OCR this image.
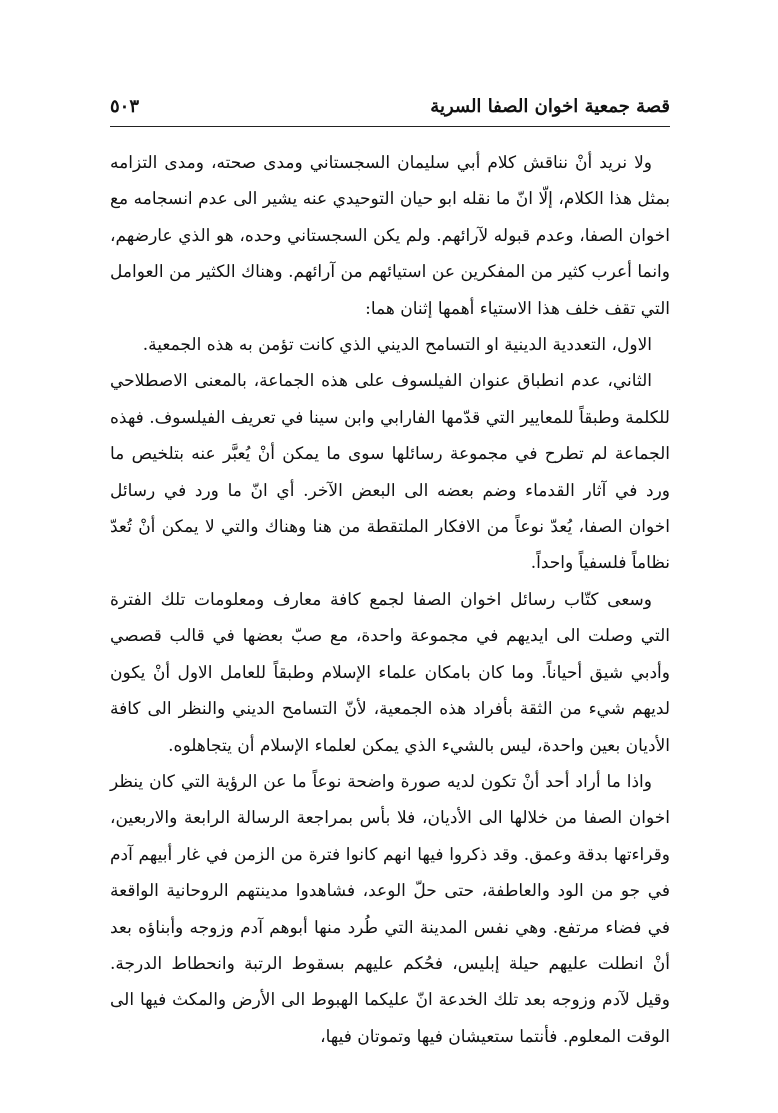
قصة جمعية اخوان الصفا السرية
٥٠٣

ولا نريد أنْ نناقش كلام أبي سليمان السجستاني ومدى صحته، ومدى التزامه بمثل هذا الكلام، إلّا انّ ما نقله ابو حيان التوحيدي عنه يشير الى عدم انسجامه مع اخوان الصفا، وعدم قبوله لآرائهم. ولم يكن السجستاني وحده، هو الذي عارضهم، وانما أعرب كثير من المفكرين عن استيائهم من آرائهم. وهناك الكثير من العوامل التي تقف خلف هذا الاستياء أهمها إثنان هما:

الاول، التعددية الدينية او التسامح الديني الذي كانت تؤمن به هذه الجمعية.

الثاني، عدم انطباق عنوان الفيلسوف على هذه الجماعة، بالمعنى الاصطلاحي للكلمة وطبقاً للمعايير التي قدّمها الفارابي وابن سينا في تعريف الفيلسوف. فهذه الجماعة لم تطرح في مجموعة رسائلها سوى ما يمكن أنْ يُعبَّر عنه بتلخيص ما ورد في آثار القدماء وضم بعضه الى البعض الآخر. أي انّ ما ورد في رسائل اخوان الصفا، يُعدّ نوعاً من الافكار الملتقطة من هنا وهناك والتي لا يمكن أنْ تُعدّ نظاماً فلسفياً واحداً.

وسعى كتّاب رسائل اخوان الصفا لجمع كافة معارف ومعلومات تلك الفترة التي وصلت الى ايديهم في مجموعة واحدة، مع صبّ بعضها في قالب قصصي وأدبي شيق أحياناً. وما كان بامكان علماء الإسلام وطبقاً للعامل الاول أنْ يكون لديهم شيء من الثقة بأفراد هذه الجمعية، لأنّ التسامح الديني والنظر الى كافة الأديان بعين واحدة، ليس بالشيء الذي يمكن لعلماء الإسلام أن يتجاهلوه.

واذا ما أراد أحد أنْ تكون لديه صورة واضحة نوعاً ما عن الرؤية التي كان ينظر اخوان الصفا من خلالها الى الأديان، فلا بأس بمراجعة الرسالة الرابعة والاربعين، وقراءتها بدقة وعمق. وقد ذكروا فيها انهم كانوا فترة من الزمن في غار أبيهم آدم في جو من الود والعاطفة، حتى حلّ الوعد، فشاهدوا مدينتهم الروحانية الواقعة في فضاء مرتفع. وهي نفس المدينة التي طُرد منها أبوهم آدم وزوجه وأبناؤه بعد أنْ انطلت عليهم حيلة إبليس، فحُكم عليهم بسقوط الرتبة وانحطاط الدرجة. وقيل لآدم وزوجه بعد تلك الخدعة انّ عليكما الهبوط الى الأرض والمكث فيها الى الوقت المعلوم. فأنتما ستعيشان فيها وتموتان فيها،
